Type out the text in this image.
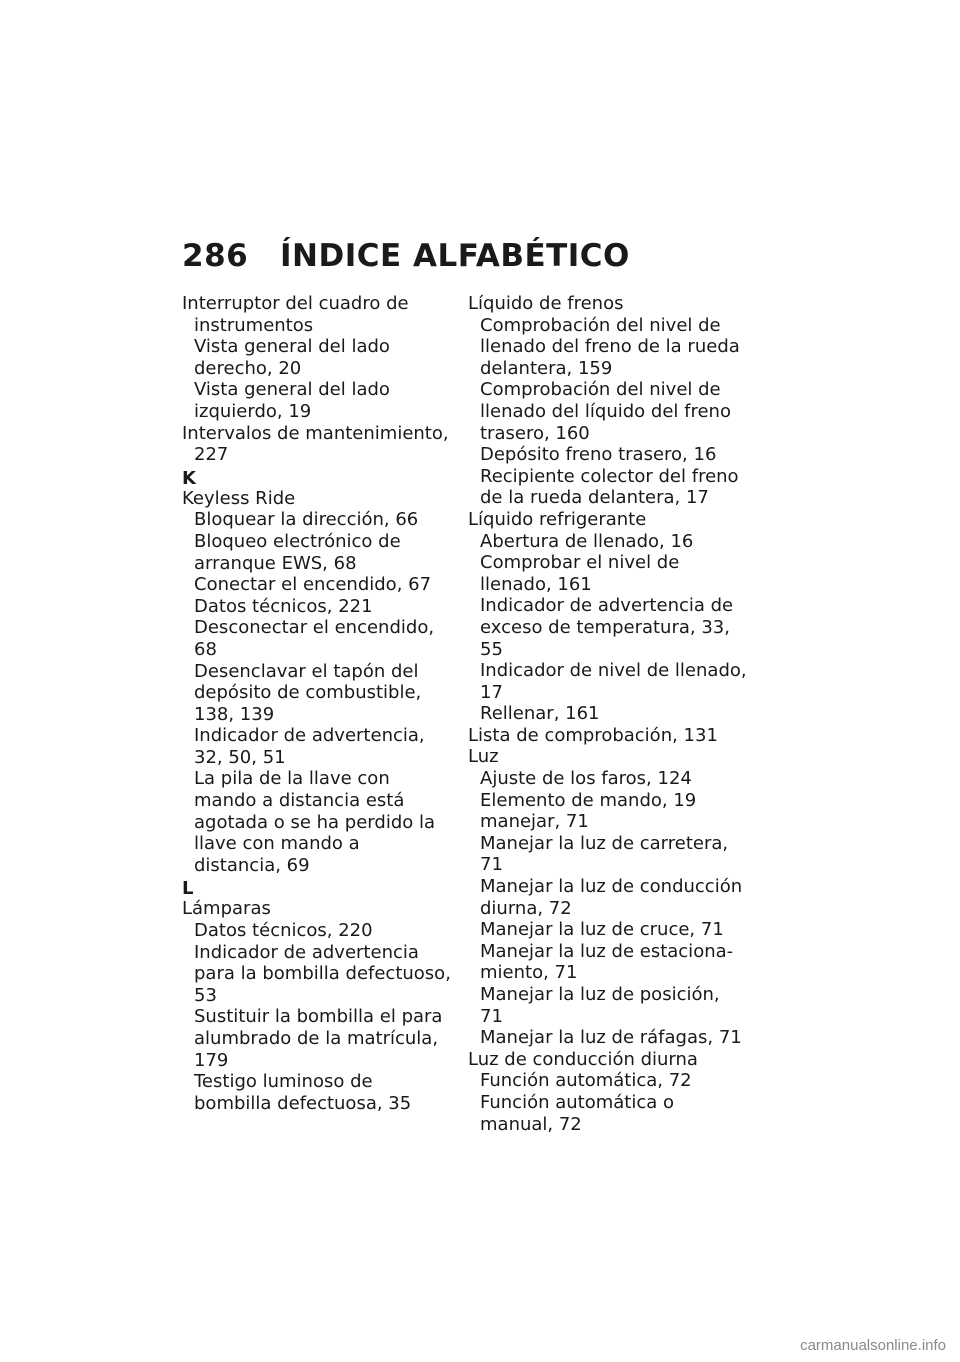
286 ÍNDICE ALFABÉTICO
Interruptor del cuadro de instrumentos
Vista general del lado derecho, 20
Vista general del lado izquierdo, 19
Intervalos de mantenimiento, 227
K
Keyless Ride
Bloquear la dirección, 66
Bloqueo electrónico de arranque EWS, 68
Conectar el encendido, 67
Datos técnicos, 221
Desconectar el encendido, 68
Desenclavar el tapón del depósito de combustible, 138, 139
Indicador de advertencia, 32, 50, 51
La pila de la llave con mando a distancia está agotada o se ha perdido la llave con mando a distancia, 69
L
Lámparas
Datos técnicos, 220
Indicador de advertencia para la bombilla defectuoso, 53
Sustituir la bombilla el para alumbrado de la matrícula, 179
Testigo luminoso de bombilla defectuosa, 35
Líquido de frenos
Comprobación del nivel de llenado del freno de la rueda delantera, 159
Comprobación del nivel de llenado del líquido del freno trasero, 160
Depósito freno trasero, 16
Recipiente colector del freno de la rueda delantera, 17
Líquido refrigerante
Abertura de llenado, 16
Comprobar el nivel de llenado, 161
Indicador de advertencia de exceso de temperatura, 33, 55
Indicador de nivel de llenado, 17
Rellenar, 161
Lista de comprobación, 131
Luz
Ajuste de los faros, 124
Elemento de mando, 19
manejar, 71
Manejar la luz de carretera, 71
Manejar la luz de conducción diurna, 72
Manejar la luz de cruce, 71
Manejar la luz de estacionamiento, 71
Manejar la luz de posición, 71
Manejar la luz de ráfagas, 71
Luz de conducción diurna
Función automática, 72
Función automática o manual, 72
carmanualsonline.info
